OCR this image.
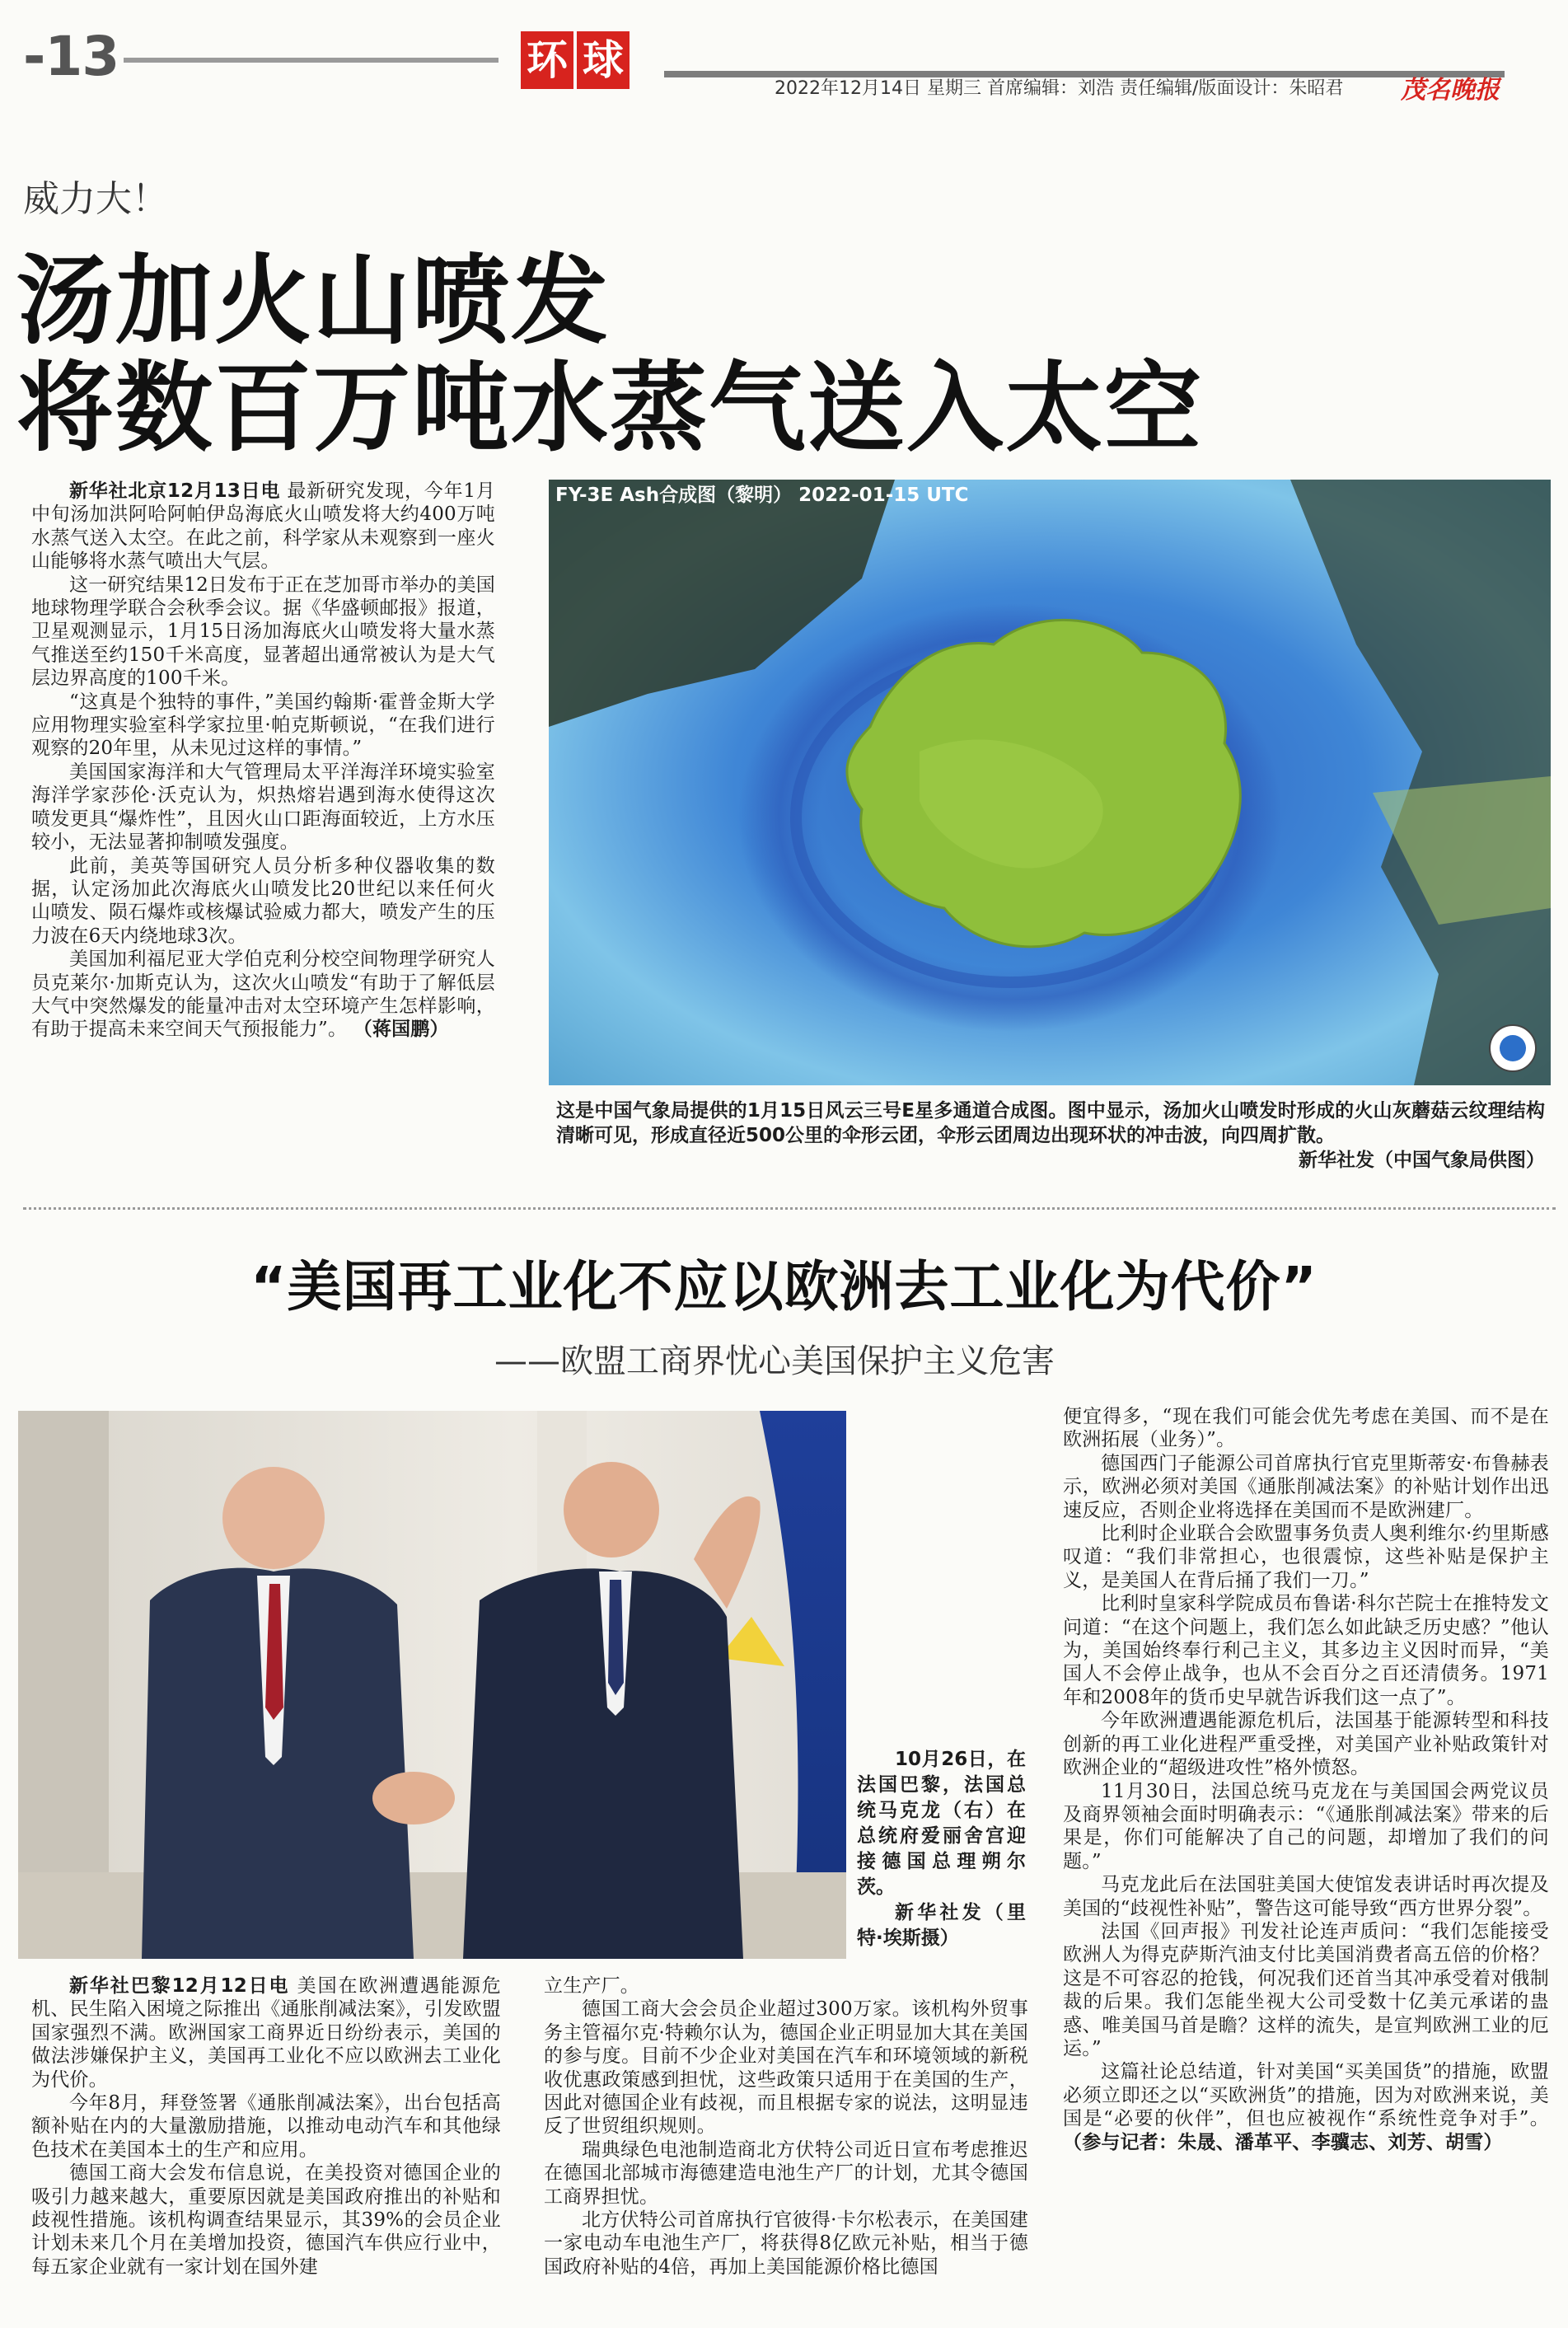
-13	环 球
2022年12月14日 星期三 首席编辑：刘浩 责任编辑/版面设计：朱昭君 茂名晚报
威力大！
汤加火山喷发
将数百万吨水蒸气送入太空

新华社北京12月13日电 最新研究发现，今年1月中旬汤加洪阿哈阿帕伊岛海底火山喷发将大约400万吨水蒸气送入太空。在此之前，科学家从未观察到一座火山能够将水蒸气喷出大气层。

这一研究结果12日发布于正在芝加哥市举办的美国地球物理学联合会秋季会议。据《华盛顿邮报》报道，卫星观测显示，1月15日汤加海底火山喷发将大量水蒸气推送至约150千米高度，显著超出通常被认为是大气层边界高度的100千米。

“这真是个独特的事件，”美国约翰斯·霍普金斯大学应用物理实验室科学家拉里·帕克斯顿说，“在我们进行观察的20年里，从未见过这样的事情。”

美国国家海洋和大气管理局太平洋海洋环境实验室海洋学家莎伦·沃克认为，炽热熔岩遇到海水使得这次喷发更具“爆炸性”，且因火山口距海面较近，上方水压较小，无法显著抑制喷发强度。

此前，美英等国研究人员分析多种仪器收集的数据，认定汤加此次海底火山喷发比20世纪以来任何火山喷发、陨石爆炸或核爆试验威力都大，喷发产生的压力波在6天内绕地球3次。

美国加利福尼亚大学伯克利分校空间物理学研究人员克莱尔·加斯克认为，这次火山喷发“有助于了解低层大气中突然爆发的能量冲击对太空环境产生怎样影响，有助于提高未来空间天气预报能力”。 （蒋国鹏）

FY-3E Ash合成图（黎明） 2022-01-15 UTC
这是中国气象局提供的1月15日风云三号E星多通道合成图。图中显示，汤加火山喷发时形成的火山灰蘑菇云纹理结构清晰可见，形成直径近500公里的伞形云团，伞形云团周边出现环状的冲击波，向四周扩散。
新华社发（中国气象局供图）
“美国再工业化不应以欧洲去工业化为代价”
——欧盟工商界忧心美国保护主义危害

10月26日，在法国巴黎，法国总统马克龙（右）在总统府爱丽舍宫迎接德国总理朔尔茨。

新华社发（里特·埃斯摄）

新华社巴黎12月12日电 美国在欧洲遭遇能源危机、民生陷入困境之际推出《通胀削减法案》，引发欧盟国家强烈不满。欧洲国家工商界近日纷纷表示，美国的做法涉嫌保护主义，美国再工业化不应以欧洲去工业化为代价。

今年8月，拜登签署《通胀削减法案》，出台包括高额补贴在内的大量激励措施，以推动电动汽车和其他绿色技术在美国本土的生产和应用。

德国工商大会发布信息说，在美投资对德国企业的吸引力越来越大，重要原因就是美国政府推出的补贴和歧视性措施。该机构调查结果显示，其39%的会员企业计划未来几个月在美增加投资，德国汽车供应行业中，每五家企业就有一家计划在国外建

立生产厂。

德国工商大会会员企业超过300万家。该机构外贸事务主管福尔克·特赖尔认为，德国企业正明显加大其在美国的参与度。目前不少企业对美国在汽车和环境领域的新税收优惠政策感到担忧，这些政策只适用于在美国的生产，因此对德国企业有歧视，而且根据专家的说法，这明显违反了世贸组织规则。

瑞典绿色电池制造商北方伏特公司近日宣布考虑推迟在德国北部城市海德建造电池生产厂的计划，尤其令德国工商界担忧。

北方伏特公司首席执行官彼得·卡尔松表示，在美国建一家电动车电池生产厂，将获得8亿欧元补贴，相当于德国政府补贴的4倍，再加上美国能源价格比德国

便宜得多，“现在我们可能会优先考虑在美国、而不是在欧洲拓展（业务）”。

德国西门子能源公司首席执行官克里斯蒂安·布鲁赫表示，欧洲必须对美国《通胀削减法案》的补贴计划作出迅速反应，否则企业将选择在美国而不是欧洲建厂。

比利时企业联合会欧盟事务负责人奥利维尔·约里斯感叹道：“我们非常担心，也很震惊，这些补贴是保护主义，是美国人在背后捅了我们一刀。”

比利时皇家科学院成员布鲁诺·科尔芒院士在推特发文问道：“在这个问题上，我们怎么如此缺乏历史感？”他认为，美国始终奉行利己主义，其多边主义因时而异，“美国人不会停止战争，也从不会百分之百还清债务。1971年和2008年的货币史早就告诉我们这一点了”。

今年欧洲遭遇能源危机后，法国基于能源转型和科技创新的再工业化进程严重受挫，对美国产业补贴政策针对欧洲企业的“超级进攻性”格外愤怒。

11月30日，法国总统马克龙在与美国国会两党议员及商界领袖会面时明确表示：“《通胀削减法案》带来的后果是，你们可能解决了自己的问题，却增加了我们的问题。”

马克龙此后在法国驻美国大使馆发表讲话时再次提及美国的“歧视性补贴”，警告这可能导致“西方世界分裂”。

法国《回声报》刊发社论连声质问：“我们怎能接受欧洲人为得克萨斯汽油支付比美国消费者高五倍的价格？这是不可容忍的抢钱，何况我们还首当其冲承受着对俄制裁的后果。我们怎能坐视大公司受数十亿美元承诺的蛊惑、唯美国马首是瞻？这样的流失，是宣判欧洲工业的厄运。”

这篇社论总结道，针对美国“买美国货”的措施，欧盟必须立即还之以“买欧洲货”的措施，因为对欧洲来说，美国是“必要的伙伴”，但也应被视作“系统性竞争对手”。（参与记者：朱晟、潘革平、李骥志、刘芳、胡雪）
